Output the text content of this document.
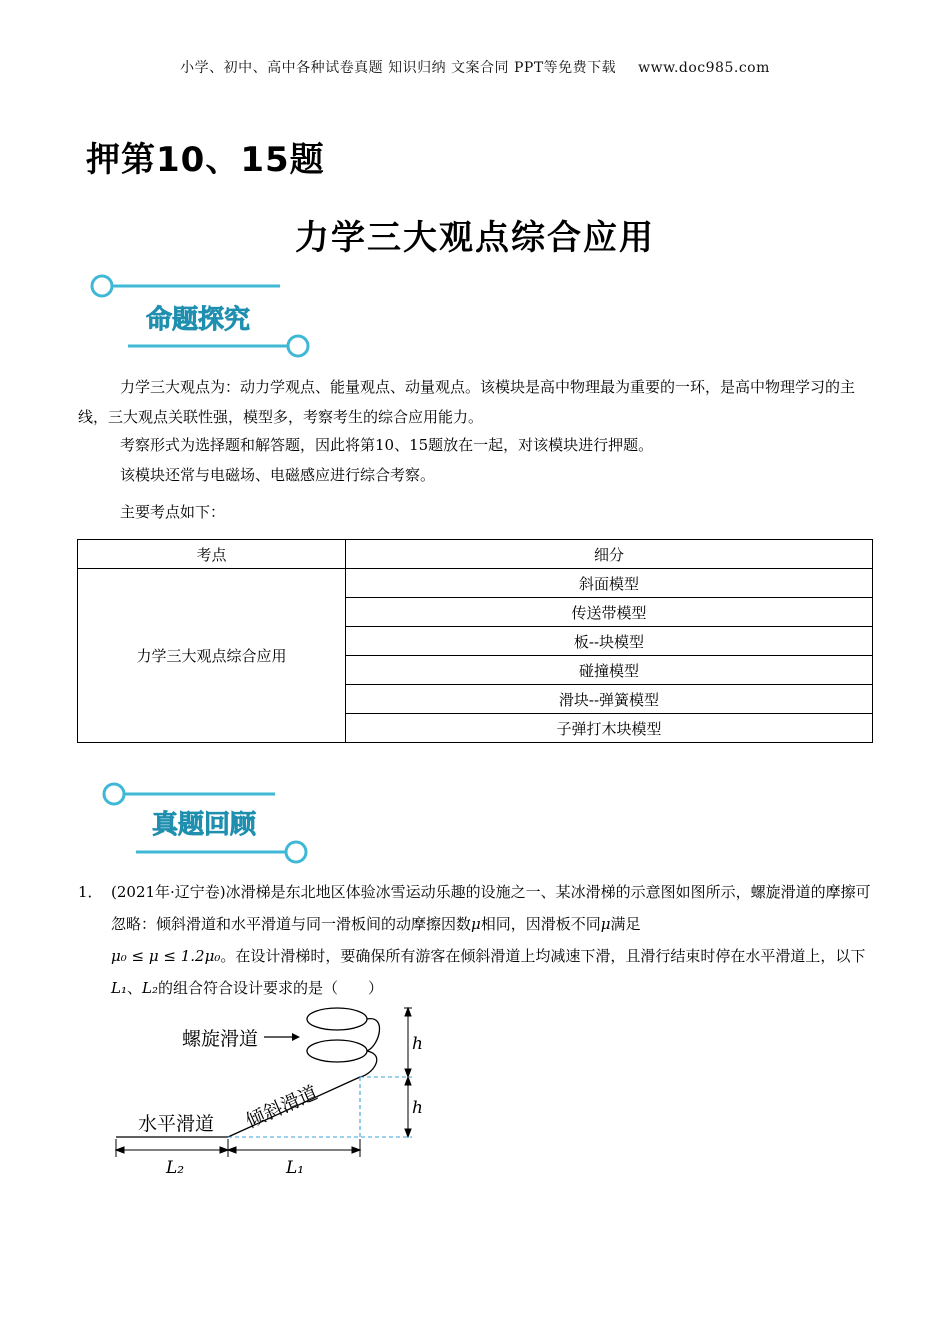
小学、初中、高中各种试卷真题 知识归纳 文案合同 PPT等免费下载 www.doc985.com
押第10、15题
力学三大观点综合应用
命题探究
力学三大观点为：动力学观点、能量观点、动量观点。该模块是高中物理最为重要的一环，是高中物理学习的主线，三大观点关联性强，模型多，考察考生的综合应用能力。
考察形式为选择题和解答题，因此将第10、15题放在一起，对该模块进行押题。
该模块还常与电磁场、电磁感应进行综合考察。
主要考点如下：
考点	细分
力学三大观点综合应用	斜面模型
	传送带模型
	板--块模型
	碰撞模型
	滑块--弹簧模型
	子弹打木块模型
真题回顾
1． (2021年·辽宁卷)冰滑梯是东北地区体验冰雪运动乐趣的设施之一、某冰滑梯的示意图如图所示，螺旋滑道的摩擦可忽略：倾斜滑道和水平滑道与同一滑板间的动摩擦因数μ相同，因滑板不同μ满足
μ₀ ≤ μ ≤ 1.2μ₀。在设计滑梯时，要确保所有游客在倾斜滑道上均减速下滑，且滑行结束时停在水平滑道上，以下L₁、L₂的组合符合设计要求的是（　　）
螺旋滑道
倾斜滑道
水平滑道
h
h
L₂	L₁
